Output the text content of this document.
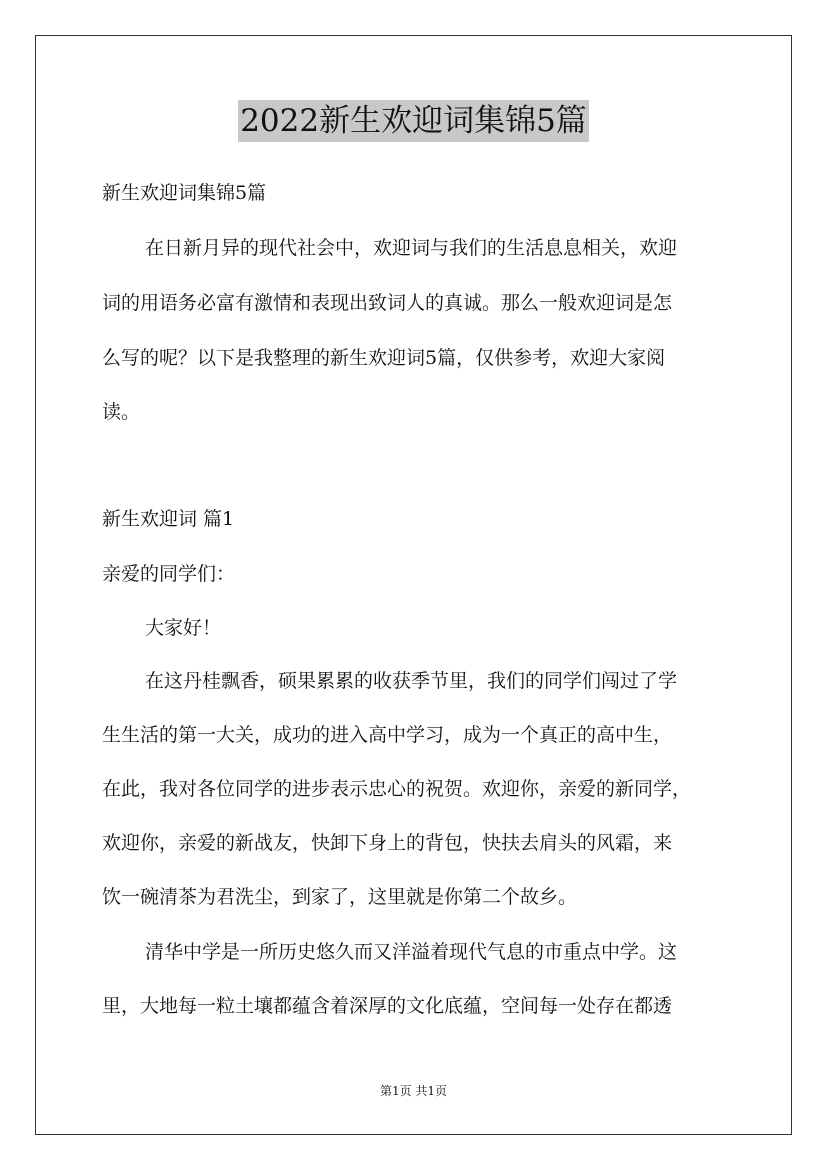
2022新生欢迎词集锦5篇
新生欢迎词集锦5篇
在日新月异的现代社会中，欢迎词与我们的生活息息相关，欢迎
词的用语务必富有激情和表现出致词人的真诚。那么一般欢迎词是怎
么写的呢？以下是我整理的新生欢迎词5篇，仅供参考，欢迎大家阅
读。
新生欢迎词 篇1
亲爱的同学们：
大家好！
在这丹桂飘香，硕果累累的收获季节里，我们的同学们闯过了学
生生活的第一大关，成功的进入高中学习，成为一个真正的高中生，
在此，我对各位同学的进步表示忠心的祝贺。欢迎你，亲爱的新同学，
欢迎你，亲爱的新战友，快卸下身上的背包，快扶去肩头的风霜，来
饮一碗清茶为君洗尘，到家了，这里就是你第二个故乡。
清华中学是一所历史悠久而又洋溢着现代气息的市重点中学。这
里，大地每一粒土壤都蕴含着深厚的文化底蕴，空间每一处存在都透
第1页 共1页
